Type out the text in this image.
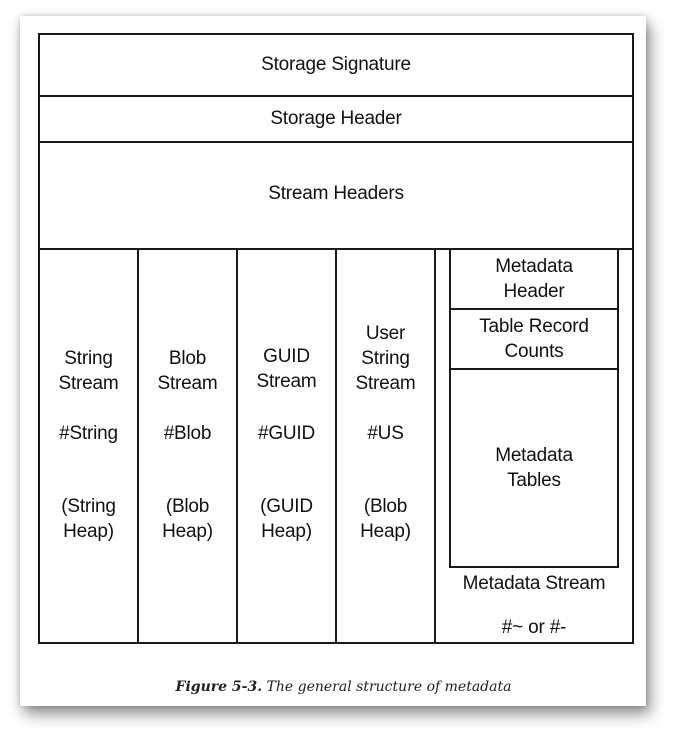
Storage Signature
Storage Header
Stream Headers
String
Stream
#String
(String
Heap)
Blob
Stream
#Blob
(Blob
Heap)
GUID
Stream
#GUID
(GUID
Heap)
User
String
Stream
#US
(Blob
Heap)
Metadata
Header
Table Record
Counts
Metadata
Tables
Metadata Stream
#~ or #-
Figure 5-3. The general structure of metadata
